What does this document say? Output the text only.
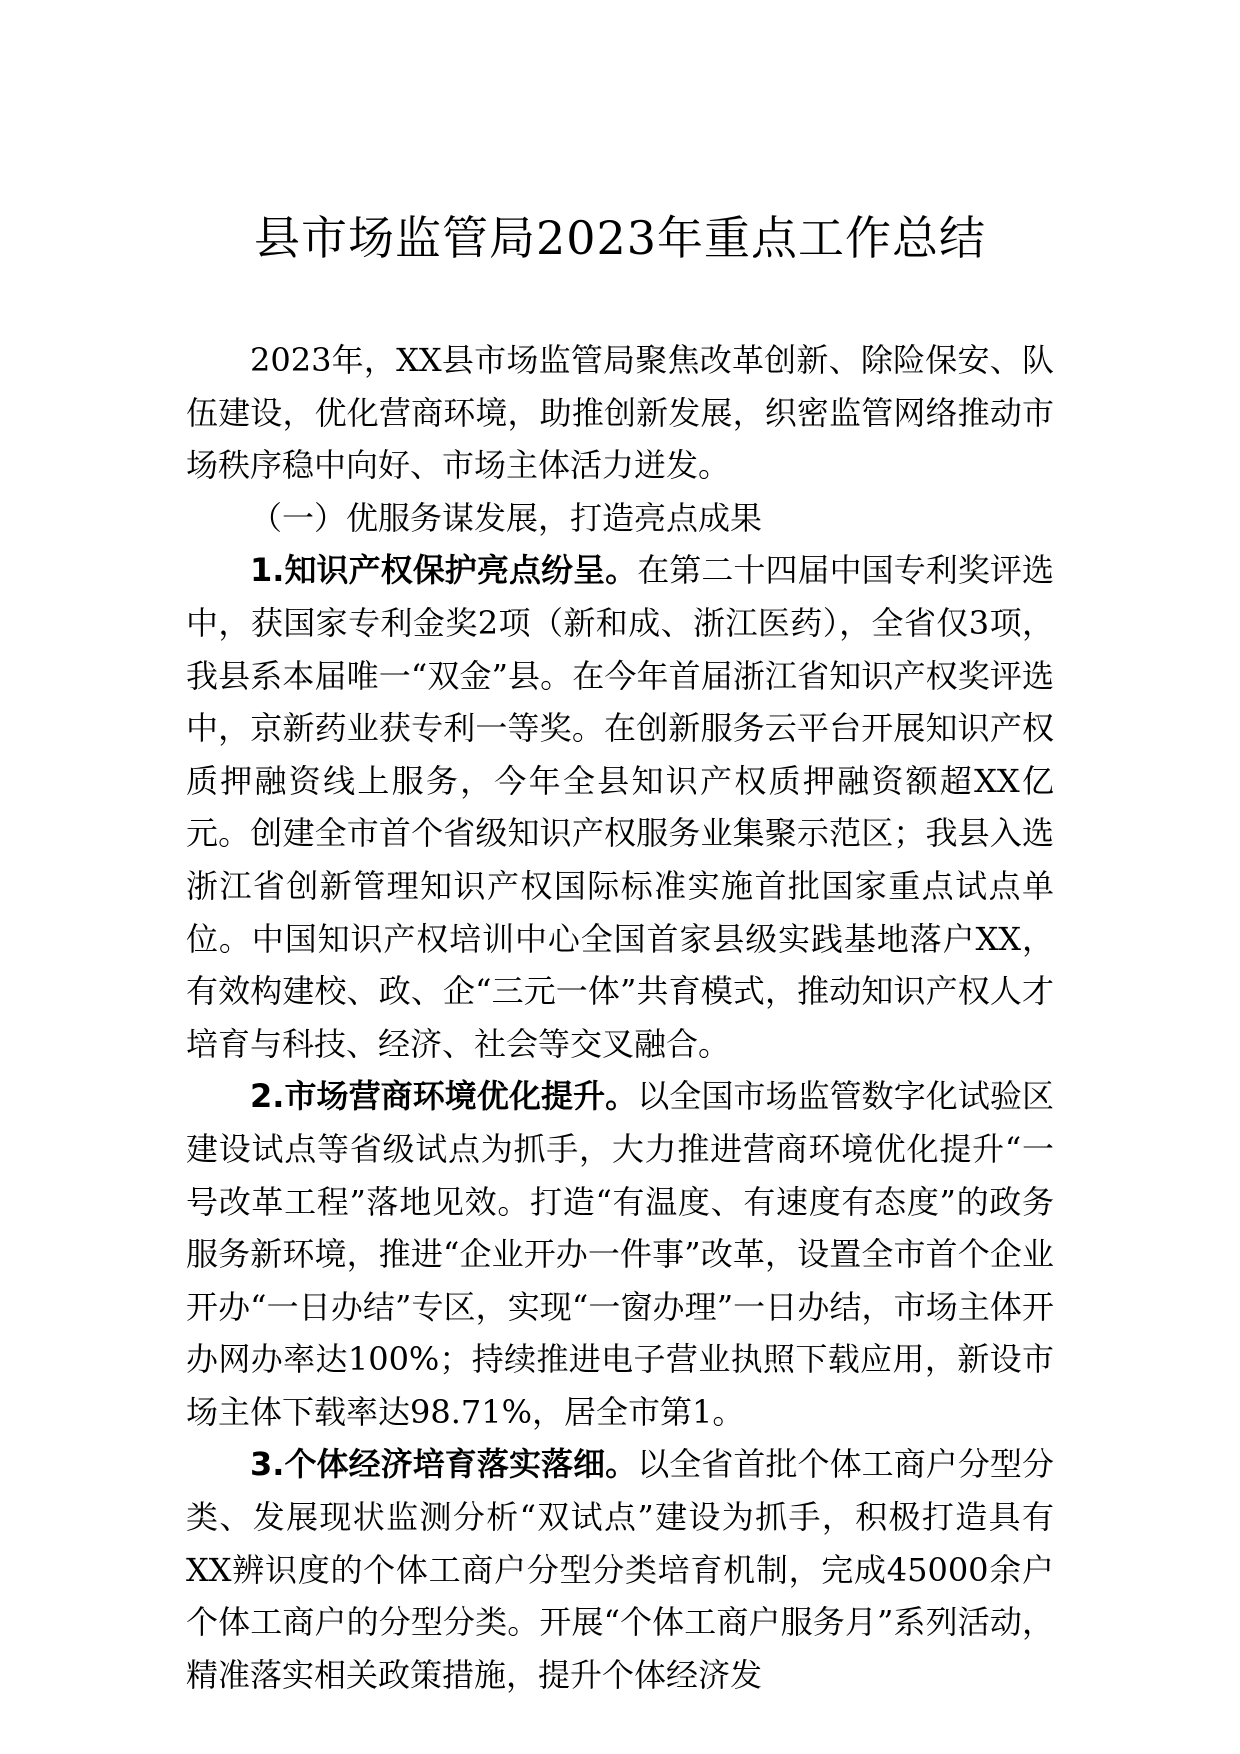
县市场监管局2023年重点工作总结

2023年，XX县市场监管局聚焦改革创新、除险保安、队伍建设，优化营商环境，助推创新发展，织密监管网络推动市场秩序稳中向好、市场主体活力迸发。

（一）优服务谋发展，打造亮点成果

1.知识产权保护亮点纷呈。在第二十四届中国专利奖评选中，获国家专利金奖2项（新和成、浙江医药），全省仅3项，我县系本届唯一“双金”县。在今年首届浙江省知识产权奖评选中，京新药业获专利一等奖。在创新服务云平台开展知识产权质押融资线上服务，今年全县知识产权质押融资额超XX亿元。创建全市首个省级知识产权服务业集聚示范区；我县入选浙江省创新管理知识产权国际标准实施首批国家重点试点单位。中国知识产权培训中心全国首家县级实践基地落户XX，有效构建校、政、企“三元一体”共育模式，推动知识产权人才培育与科技、经济、社会等交叉融合。

2.市场营商环境优化提升。以全国市场监管数字化试验区建设试点等省级试点为抓手，大力推进营商环境优化提升“一号改革工程”落地见效。打造“有温度、有速度有态度”的政务服务新环境，推进“企业开办一件事”改革，设置全市首个企业开办“一日办结”专区，实现“一窗办理”一日办结，市场主体开办网办率达100%；持续推进电子营业执照下载应用，新设市场主体下载率达98.71%，居全市第1。

3.个体经济培育落实落细。以全省首批个体工商户分型分类、发展现状监测分析“双试点”建设为抓手，积极打造具有XX辨识度的个体工商户分型分类培育机制，完成45000余户个体工商户的分型分类。开展“个体工商户服务月”系列活动，精准落实相关政策措施，提升个体经济发
